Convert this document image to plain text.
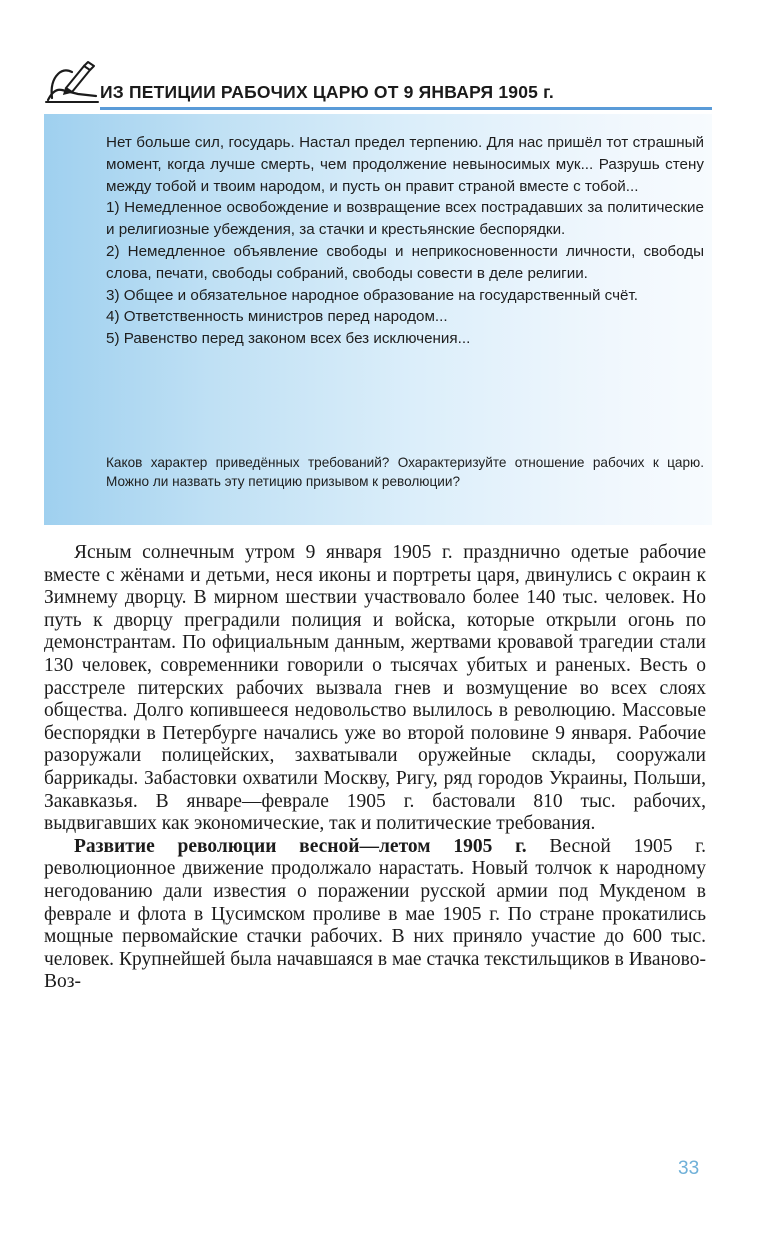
ИЗ ПЕТИЦИИ РАБОЧИХ ЦАРЮ ОТ 9 ЯНВАРЯ 1905 г.

Нет больше сил, государь. Настал предел терпению. Для нас пришёл тот страшный момент, когда лучше смерть, чем продолжение невыносимых мук... Разрушь стену между тобой и твоим народом, и пусть он правит страной вместе с тобой...

1) Немедленное освобождение и возвращение всех пострадавших за политические и религиозные убеждения, за стачки и крестьянские беспорядки.

2) Немедленное объявление свободы и неприкосновенности личности, свободы слова, печати, свободы собраний, свободы совести в деле религии.

3) Общее и обязательное народное образование на государственный счёт.

4) Ответственность министров перед народом...

5) Равенство перед законом всех без исключения...

Каков характер приведённых требований? Охарактеризуйте отношение рабочих к царю. Можно ли назвать эту петицию призывом к революции?

Ясным солнечным утром 9 января 1905 г. празднично одетые рабочие вместе с жёнами и детьми, неся иконы и портреты царя, двинулись с окраин к Зимнему дворцу. В мирном шествии участвовало более 140 тыс. человек. Но путь к дворцу преградили полиция и войска, которые открыли огонь по демонстрантам. По официальным данным, жертвами кровавой трагедии стали 130 человек, современники говорили о тысячах убитых и раненых. Весть о расстреле питерских рабочих вызвала гнев и возмущение во всех слоях общества. Долго копившееся недовольство вылилось в революцию. Массовые беспорядки в Петербурге начались уже во второй половине 9 января. Рабочие разоружали полицейских, захватывали оружейные склады, сооружали баррикады. Забастовки охватили Москву, Ригу, ряд городов Украины, Польши, Закавказья. В январе—феврале 1905 г. бастовали 810 тыс. рабочих, выдвигавших как экономические, так и политические требования.

Развитие революции весной—летом 1905 г. Весной 1905 г. революционное движение продолжало нарастать. Новый толчок к народному негодованию дали известия о поражении русской армии под Мукденом в феврале и флота в Цусимском проливе в мае 1905 г. По стране прокатились мощные первомайские стачки рабочих. В них приняло участие до 600 тыс. человек. Крупнейшей была начавшаяся в мае стачка текстильщиков в Иваново-Воз-

33
